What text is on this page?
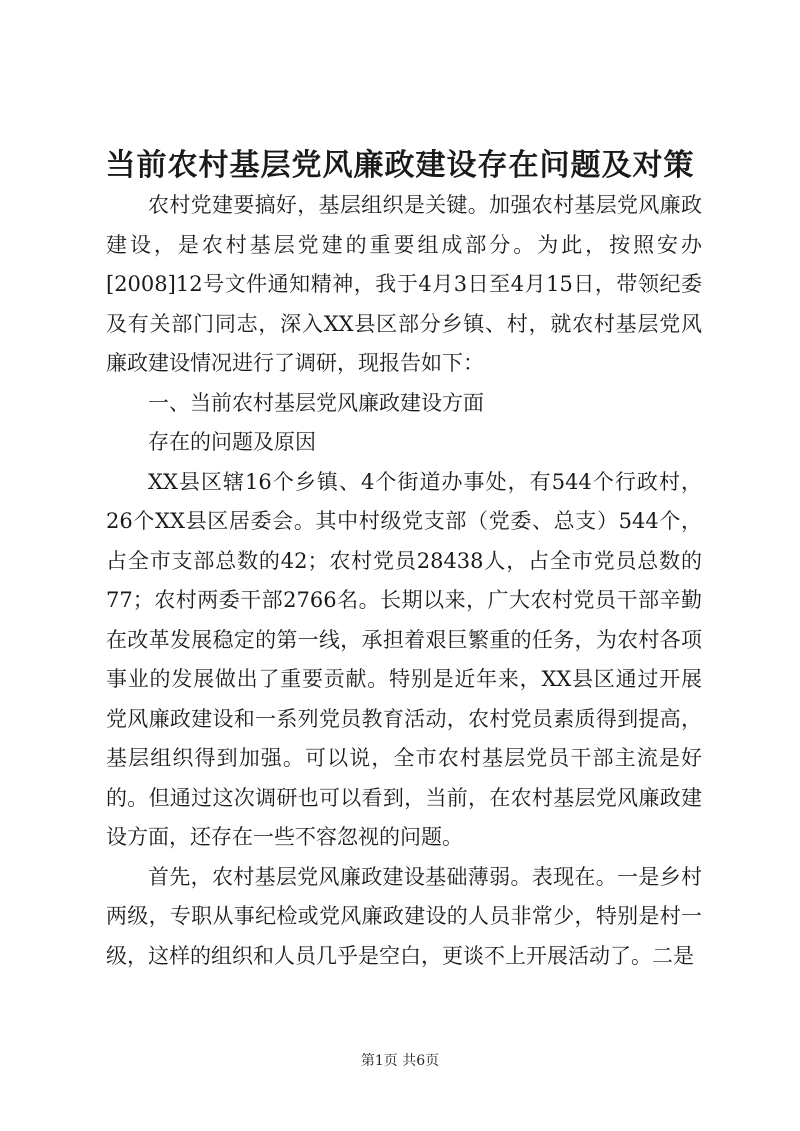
当前农村基层党风廉政建设存在问题及对策

农村党建要搞好，基层组织是关键。加强农村基层党风廉政建设，是农村基层党建的重要组成部分。为此，按照安办[2008]12号文件通知精神，我于4月3日至4月15日，带领纪委及有关部门同志，深入XX县区部分乡镇、村，就农村基层党风廉政建设情况进行了调研，现报告如下：

一、当前农村基层党风廉政建设方面

存在的问题及原因

XX县区辖16个乡镇、4个街道办事处，有544个行政村，26个XX县区居委会。其中村级党支部（党委、总支）544个，占全市支部总数的42；农村党员28438人，占全市党员总数的77；农村两委干部2766名。长期以来，广大农村党员干部辛勤在改革发展稳定的第一线，承担着艰巨繁重的任务，为农村各项事业的发展做出了重要贡献。特别是近年来，XX县区通过开展党风廉政建设和一系列党员教育活动，农村党员素质得到提高，基层组织得到加强。可以说，全市农村基层党员干部主流是好的。但通过这次调研也可以看到，当前，在农村基层党风廉政建设方面，还存在一些不容忽视的问题。

首先，农村基层党风廉政建设基础薄弱。表现在。一是乡村两级，专职从事纪检或党风廉政建设的人员非常少，特别是村一级，这样的组织和人员几乎是空白，更谈不上开展活动了。二是

第1页 共6页
